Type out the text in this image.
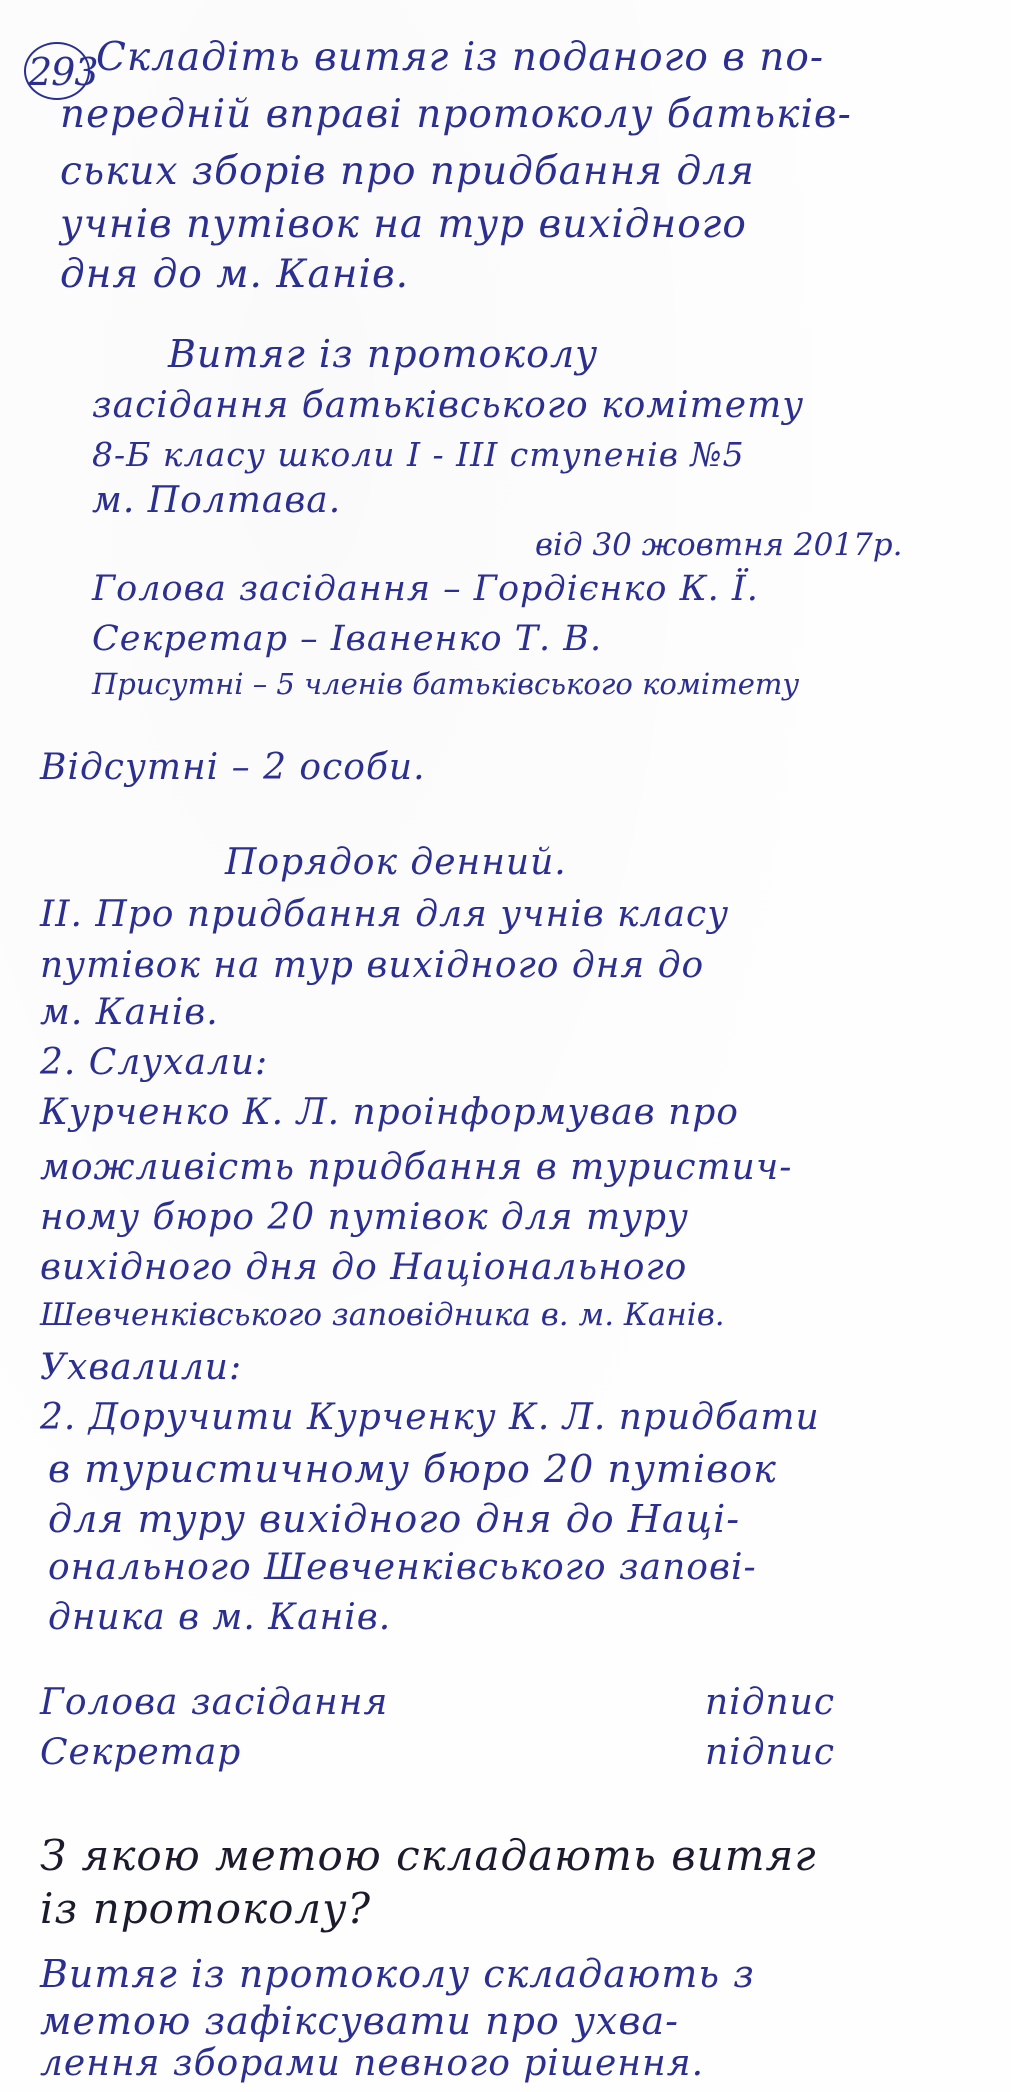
293
Складіть витяг із поданого в по-
передній вправі протоколу батьків-
ських зборів про придбання для
учнів путівок на тур вихідного
дня до м. Канів.
Витяг із протоколу
засідання батьківського комітету
8-Б класу школи І - ІІІ ступенів №5
м. Полтава.
від 30 жовтня 2017р.
Голова засідання – Гордієнко К. Ї.
Секретар – Іваненко Т. В.
Присутні – 5 членів батьківського комітету
Відсутні – 2 особи.
Порядок денний.
ІІ. Про придбання для учнів класу
путівок на тур вихідного дня до
м. Канів.
2. Слухали:
Курченко К. Л. проінформував про
можливість придбання в туристич-
ному бюро 20 путівок для туру
вихідного дня до Національного
Шевченківського заповідника в. м. Канів.
Ухвалили:
2. Доручити Курченку К. Л. придбати
в туристичному бюро 20 путівок
для туру вихідного дня до Наці-
онального Шевченківського запові-
дника в м. Канів.
Голова засідання	підпис
Секретар	підпис
З якою метою складають витяг
із протоколу?
Витяг із протоколу складають з
метою зафіксувати про ухва-
лення зборами певного рішення.
